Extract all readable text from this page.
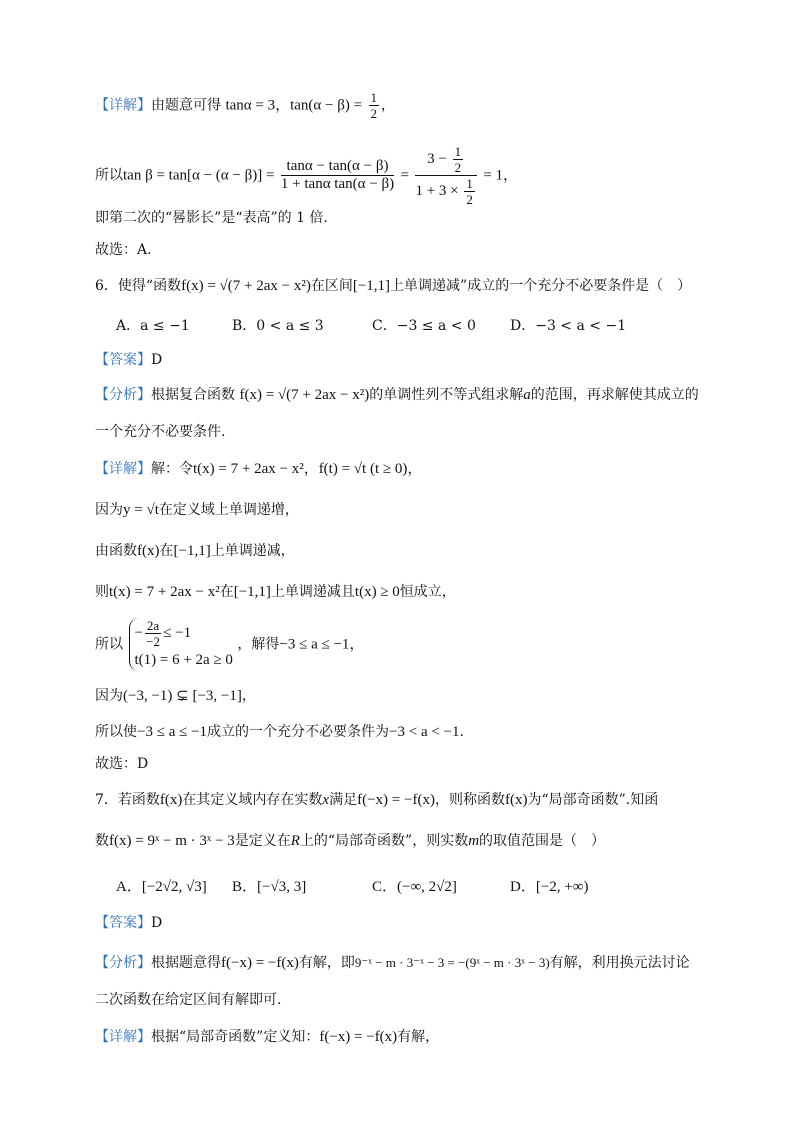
【详解】由题意可得 tanα = 3，$\tan(\alpha - \beta) = \frac{1}{2}$ ，
所以$\tan \beta = \tan[\alpha - (\alpha - \beta)] = \frac{\tan\alpha - \tan(\alpha - \beta)}{\text{1 + tanα tan(α − β)}} = \frac{3 - \frac{1}{2}}{1 + 3 \times \frac{1}{2}} = 1$，
即第二次的“晷影长”是“表高”的 1 倍.
故选：A.
6．使得“函数f(x) = √(7 + 2ax − x²)在区间[−1,1]上单调递减”成立的一个充分不必要条件是（　）
A．a ≤ −1	B．0 < a ≤ 3	C．−3 ≤ a < 0 D．−3 < a < −1
【答案】D
【分析】根据复合函数 f(x) = √(7 + 2ax − x²)的单调性列不等式组求解a的范围，再求解使其成立的
一个充分不必要条件.
【详解】解：令t(x) = 7 + 2ax − x²，f(t) = √t (t ≥ 0)，
因为y = √t在定义域上单调递增，
由函数f(x)在[−1,1]上单调递减，
则t(x) = 7 + 2ax − x²在[−1,1]上单调递减且t(x) ≥ 0恒成立，
所以
− $\frac{2a}{-2} \le -1$
t(1) = 6 + 2a ≥ 0
，解得−3 ≤ a ≤ −1，
因为(−3, −1) ⊊ [−3, −1]，
所以使−3 ≤ a ≤ −1成立的一个充分不必要条件为−3 < a < −1.
故选：D
7．若函数f(x)在其定义域内存在实数x满足f(−x) = −f(x)，则称函数f(x)为“局部奇函数”.知函
数f(x) = 9ˣ − m · 3ˣ − 3是定义在R上的“局部奇函数”，则实数m的取值范围是（　）
A．[−2√2, √3] B．[−√3, 3]	C．(−∞, 2√2]	D．[−2, +∞)
【答案】D
【分析】根据题意得f(−x) = −f(x)有解，即9⁻ˣ − m · 3⁻ˣ − 3 = −(9ˣ − m · 3ˣ − 3)有解，利用换元法讨论
二次函数在给定区间有解即可.
【详解】根据“局部奇函数”定义知：f(−x) = −f(x)有解，
